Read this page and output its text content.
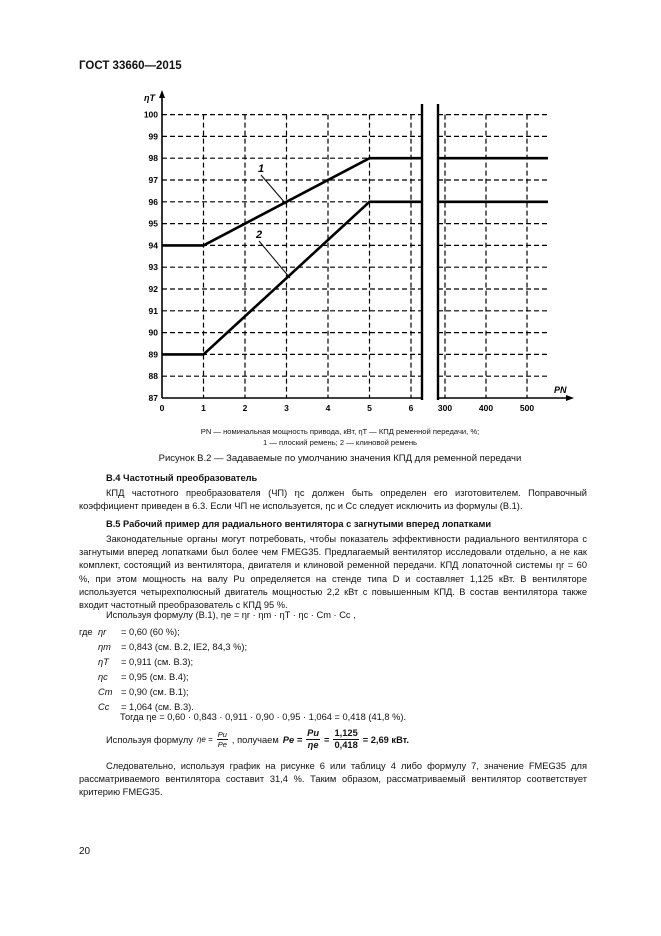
ГОСТ 33660—2015
87
88
89
90
91
92
93
94
95
96
97
98
99
100
0	1	2	3	4	5	6	300	400	500
ηT
PN
1
2
PN — номинальная мощность привода, кВт, ηT — КПД ременной передачи, %;
1 — плоский ремень; 2 — клиновой ремень
Рисунок В.2 — Задаваемые по умолчанию значения КПД для ременной передачи
В.4 Частотный преобразователь
КПД частотного преобразователя (ЧП) ηc должен быть определен его изготовителем. Поправочный коэффициент приведен в 6.3. Если ЧП не используется, ηc и Cc следует исключить из формулы (В.1).
В.5 Рабочий пример для радиального вентилятора с загнутыми вперед лопатками
Законодательные органы могут потребовать, чтобы показатель эффективности радиального вентилятора с загнутыми вперед лопатками был более чем FMEG35. Предлагаемый вентилятор исследовали отдельно, а не как комплект, состоящий из вентилятора, двигателя и клиновой ременной передачи. КПД лопаточной системы ηr = 60 %, при этом мощность на валу Pu определяется на стенде типа D и составляет 1,125 кВт. В вентиляторе используется четырехполюсный двигатель мощностью 2,2 кВт с повышенным КПД. В состав вентилятора также входит частотный преобразователь с КПД 95 %.
Используя формулу (В.1), ηe = ηr · ηm · ηT · ηc · Cm · Cc ,
где ηr = 0,60 (60 %);
ηm = 0,843 (см. В.2, IE2, 84,3 %);
ηT = 0,911 (см. В.3);
ηc = 0,95 (см. В.4);
Cm = 0,90 (см. В.1);
Cc = 1,064 (см. В.3).
Тогда ηe = 0,60 · 0,843 · 0,911 · 0,90 · 0,95 · 1,064 = 0,418 (41,8 %).
Используя формулу $\eta e = \frac{Pu}{Pe}$ , получаем $Pe = \frac{Pu}{\eta e} = \frac{1,125}{0,418} = 2,69$ кВт.
Следовательно, используя график на рисунке 6 или таблицу 4 либо формулу 7, значение FMEG35 для рассматриваемого вентилятора составит 31,4 %. Таким образом, рассматриваемый вентилятор соответствует критерию FMEG35.
20
